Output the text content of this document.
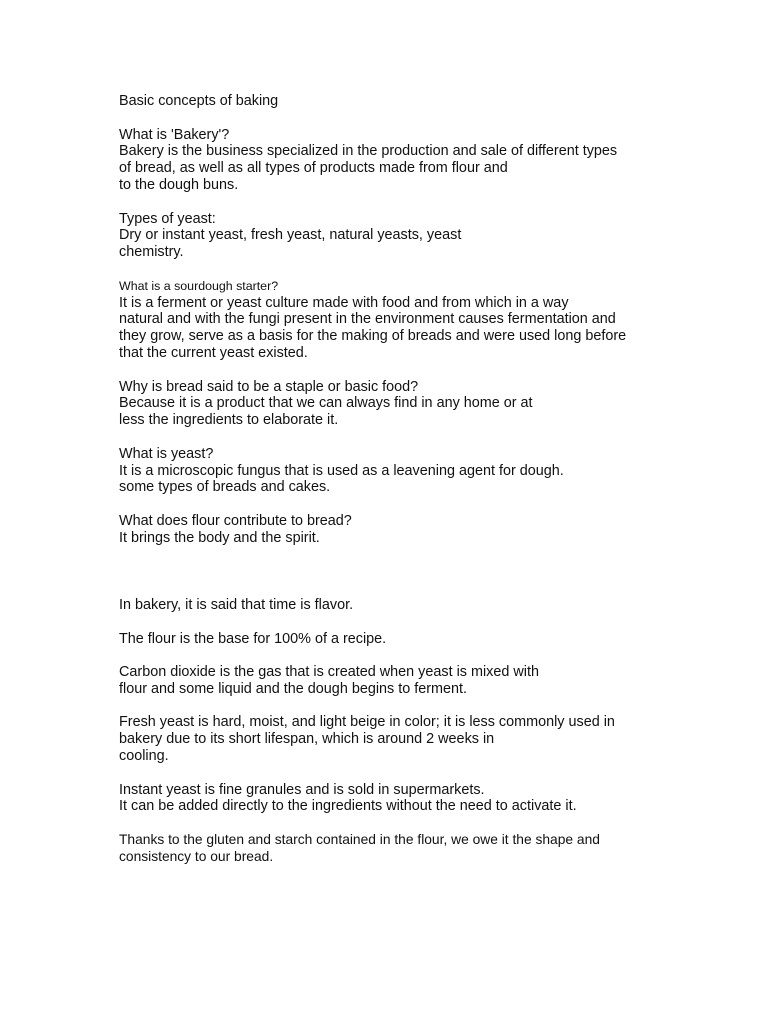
Basic concepts of baking
What is 'Bakery'?
Bakery is the business specialized in the production and sale of different types
of bread, as well as all types of products made from flour and
to the dough buns.
Types of yeast:
Dry or instant yeast, fresh yeast, natural yeasts, yeast
chemistry.
What is a sourdough starter?
It is a ferment or yeast culture made with food and from which in a way
natural and with the fungi present in the environment causes fermentation and
they grow, serve as a basis for the making of breads and were used long before
that the current yeast existed.
Why is bread said to be a staple or basic food?
Because it is a product that we can always find in any home or at
less the ingredients to elaborate it.
What is yeast?
It is a microscopic fungus that is used as a leavening agent for dough.
some types of breads and cakes.
What does flour contribute to bread?
It brings the body and the spirit.
In bakery, it is said that time is flavor.
The flour is the base for 100% of a recipe.
Carbon dioxide is the gas that is created when yeast is mixed with
flour and some liquid and the dough begins to ferment.
Fresh yeast is hard, moist, and light beige in color; it is less commonly used in
bakery due to its short lifespan, which is around 2 weeks in
cooling.
Instant yeast is fine granules and is sold in supermarkets.
It can be added directly to the ingredients without the need to activate it.
Thanks to the gluten and starch contained in the flour, we owe it the shape and
consistency to our bread.
